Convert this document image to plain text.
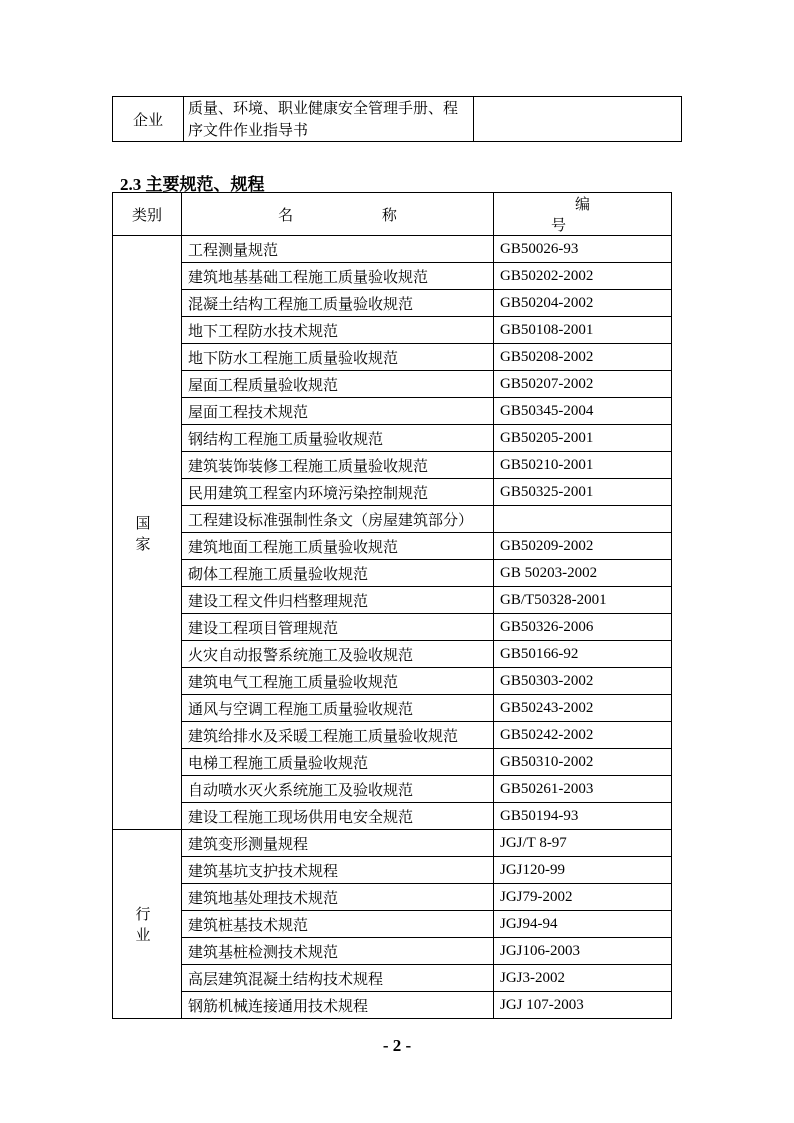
企业	质量、环境、职业健康安全管理手册、程序文件作业指导书	
2.3 主要规范、规程
类别	名 称	编 号
国 家	工程测量规范	GB50026-93
	建筑地基基础工程施工质量验收规范	GB50202-2002
	混凝土结构工程施工质量验收规范	GB50204-2002
	地下工程防水技术规范	GB50108-2001
	地下防水工程施工质量验收规范	GB50208-2002
	屋面工程质量验收规范	GB50207-2002
	屋面工程技术规范	GB50345-2004
	钢结构工程施工质量验收规范	GB50205-2001
	建筑装饰装修工程施工质量验收规范	GB50210-2001
	民用建筑工程室内环境污染控制规范	GB50325-2001
	工程建设标准强制性条文（房屋建筑部分）	
	建筑地面工程施工质量验收规范	GB50209-2002
	砌体工程施工质量验收规范	GB 50203-2002
	建设工程文件归档整理规范	GB/T50328-2001
	建设工程项目管理规范	GB50326-2006
	火灾自动报警系统施工及验收规范	GB50166-92
	建筑电气工程施工质量验收规范	GB50303-2002
	通风与空调工程施工质量验收规范	GB50243-2002
	建筑给排水及采暖工程施工质量验收规范	GB50242-2002
	电梯工程施工质量验收规范	GB50310-2002
	自动喷水灭火系统施工及验收规范	GB50261-2003
	建设工程施工现场供用电安全规范	GB50194-93
行 业	建筑变形测量规程	JGJ/T 8-97
	建筑基坑支护技术规程	JGJ120-99
	建筑地基处理技术规范	JGJ79-2002
	建筑桩基技术规范	JGJ94-94
	建筑基桩检测技术规范	JGJ106-2003
	高层建筑混凝土结构技术规程	JGJ3-2002
	钢筋机械连接通用技术规程	JGJ 107-2003
- 2 -
